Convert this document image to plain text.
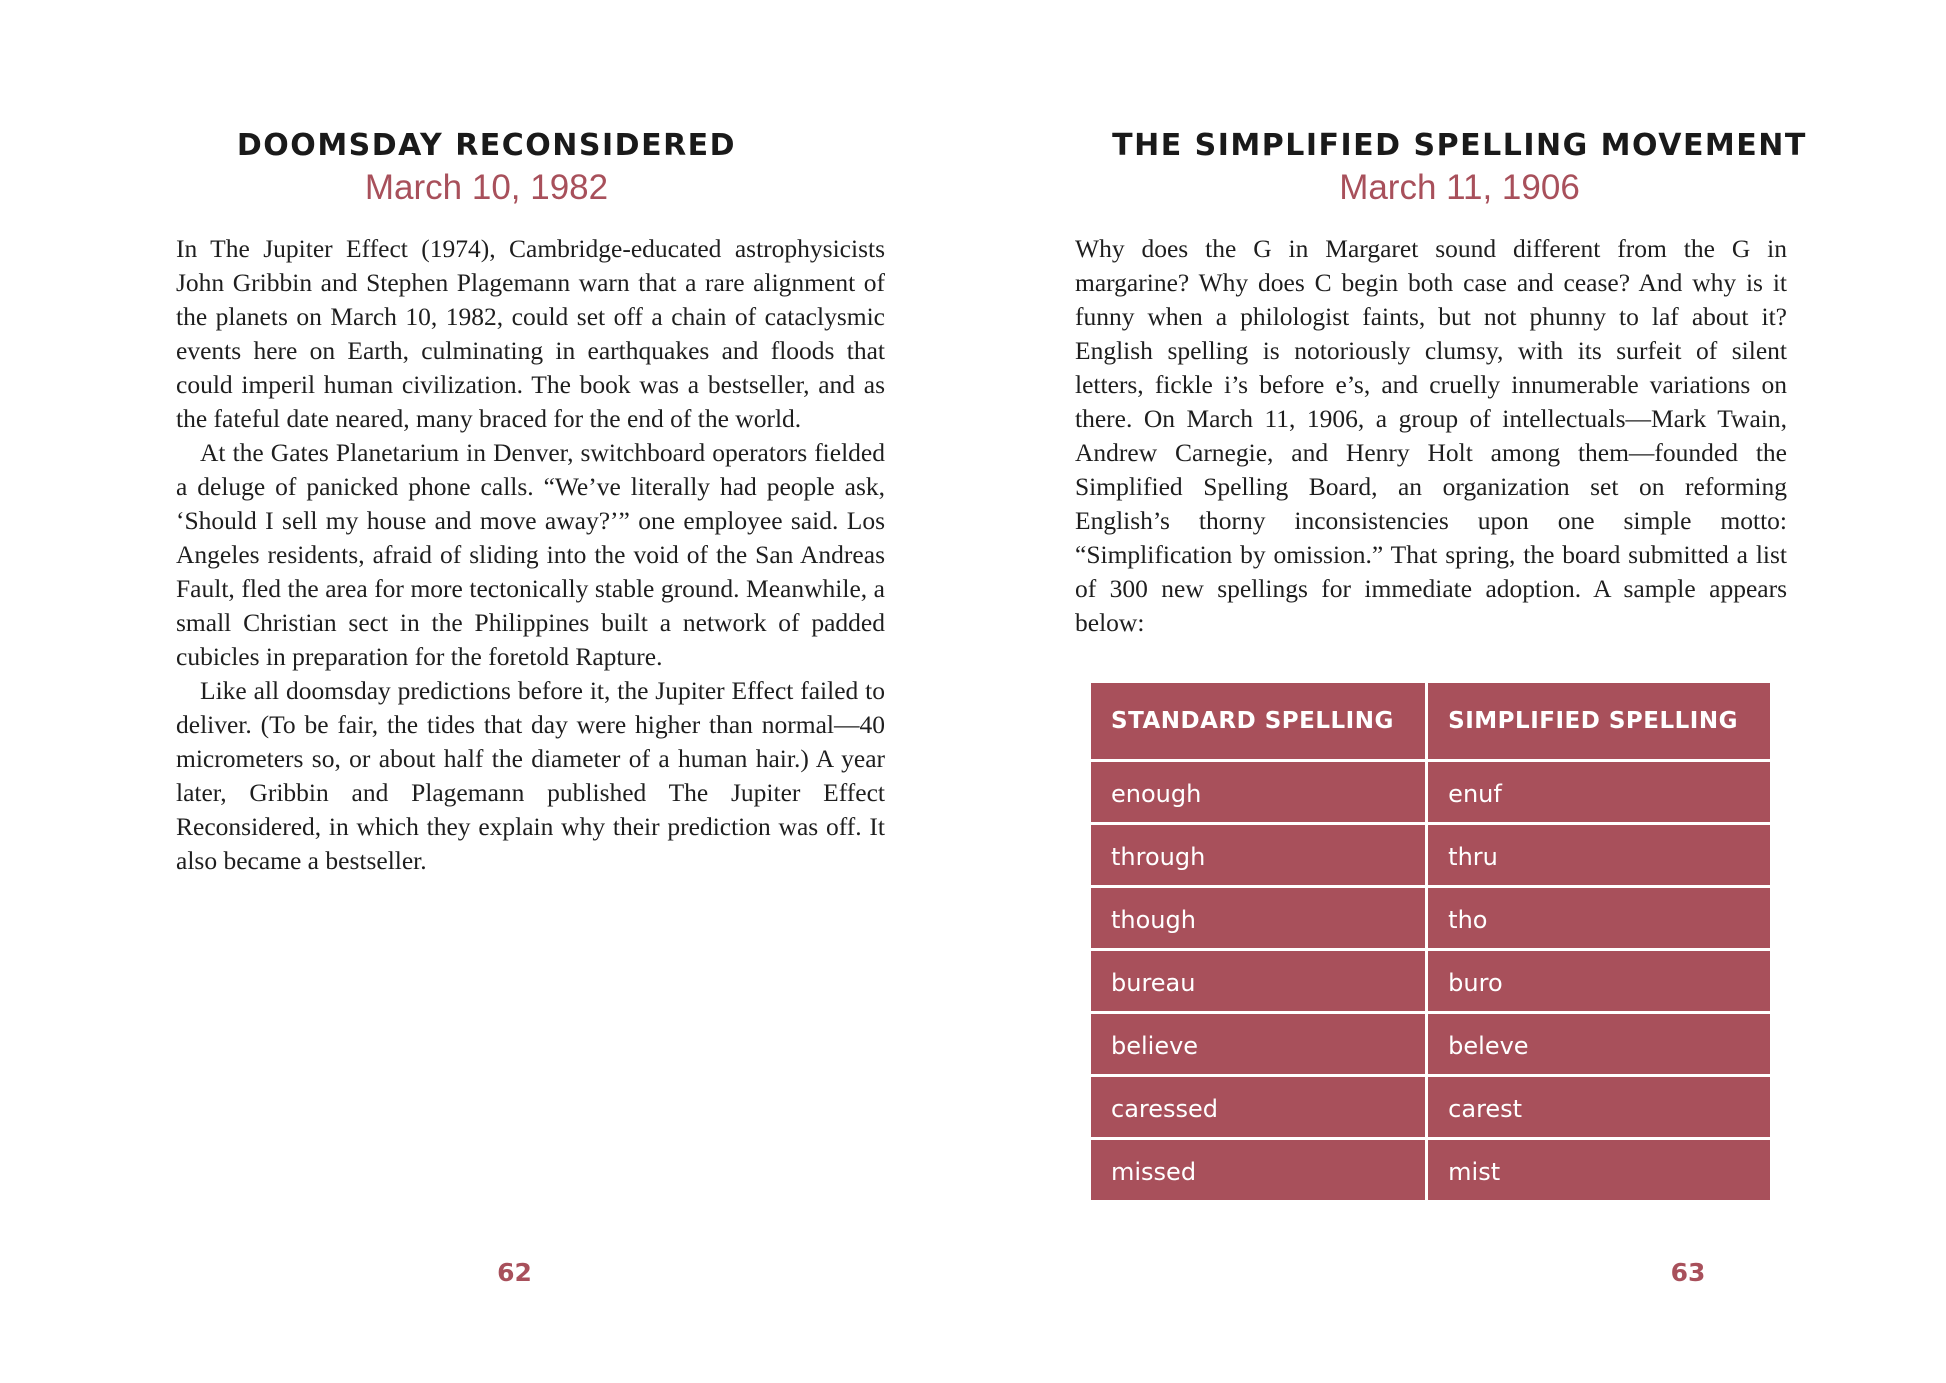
DOOMSDAY RECONSIDERED
March 10, 1982

In The Jupiter Effect (1974), Cambridge-educated astrophysicists John Gribbin and Stephen Plagemann warn that a rare alignment of the planets on March 10, 1982, could set off a chain of cataclysmic events here on Earth, culminating in earthquakes and floods that could imperil human civilization. The book was a bestseller, and as the fateful date neared, many braced for the end of the world.

At the Gates Planetarium in Denver, switchboard operators fielded a deluge of panicked phone calls. “We’ve literally had people ask, ‘Should I sell my house and move away?’” one employee said. Los Angeles residents, afraid of sliding into the void of the San Andreas Fault, fled the area for more tectonically stable ground. Meanwhile, a small Christian sect in the Philippines built a network of padded cubicles in preparation for the foretold Rapture.

Like all doomsday predictions before it, the Jupiter Effect failed to deliver. (To be fair, the tides that day were higher than normal—40 micrometers so, or about half the diameter of a human hair.) A year later, Gribbin and Plagemann published The Jupiter Effect Reconsidered, in which they explain why their prediction was off. It also became a bestseller.

62
THE SIMPLIFIED SPELLING MOVEMENT
March 11, 1906

Why does the G in Margaret sound different from the G in margarine? Why does C begin both case and cease? And why is it funny when a philologist faints, but not phunny to laf about it? English spelling is notoriously clumsy, with its surfeit of silent letters, fickle i’s before e’s, and cruelly innumerable variations on there. On March 11, 1906, a group of intellectuals—Mark Twain, Andrew Carnegie, and Henry Holt among them—founded the Simplified Spelling Board, an organization set on reforming English’s thorny inconsistencies upon one simple motto: “Simplification by omission.” That spring, the board submitted a list of 300 new spellings for immediate adoption. A sample appears below:

STANDARD SPELLING	SIMPLIFIED SPELLING
enough	enuf
through	thru
though	tho
bureau	buro
believe	beleve
caressed	carest
missed	mist
63
